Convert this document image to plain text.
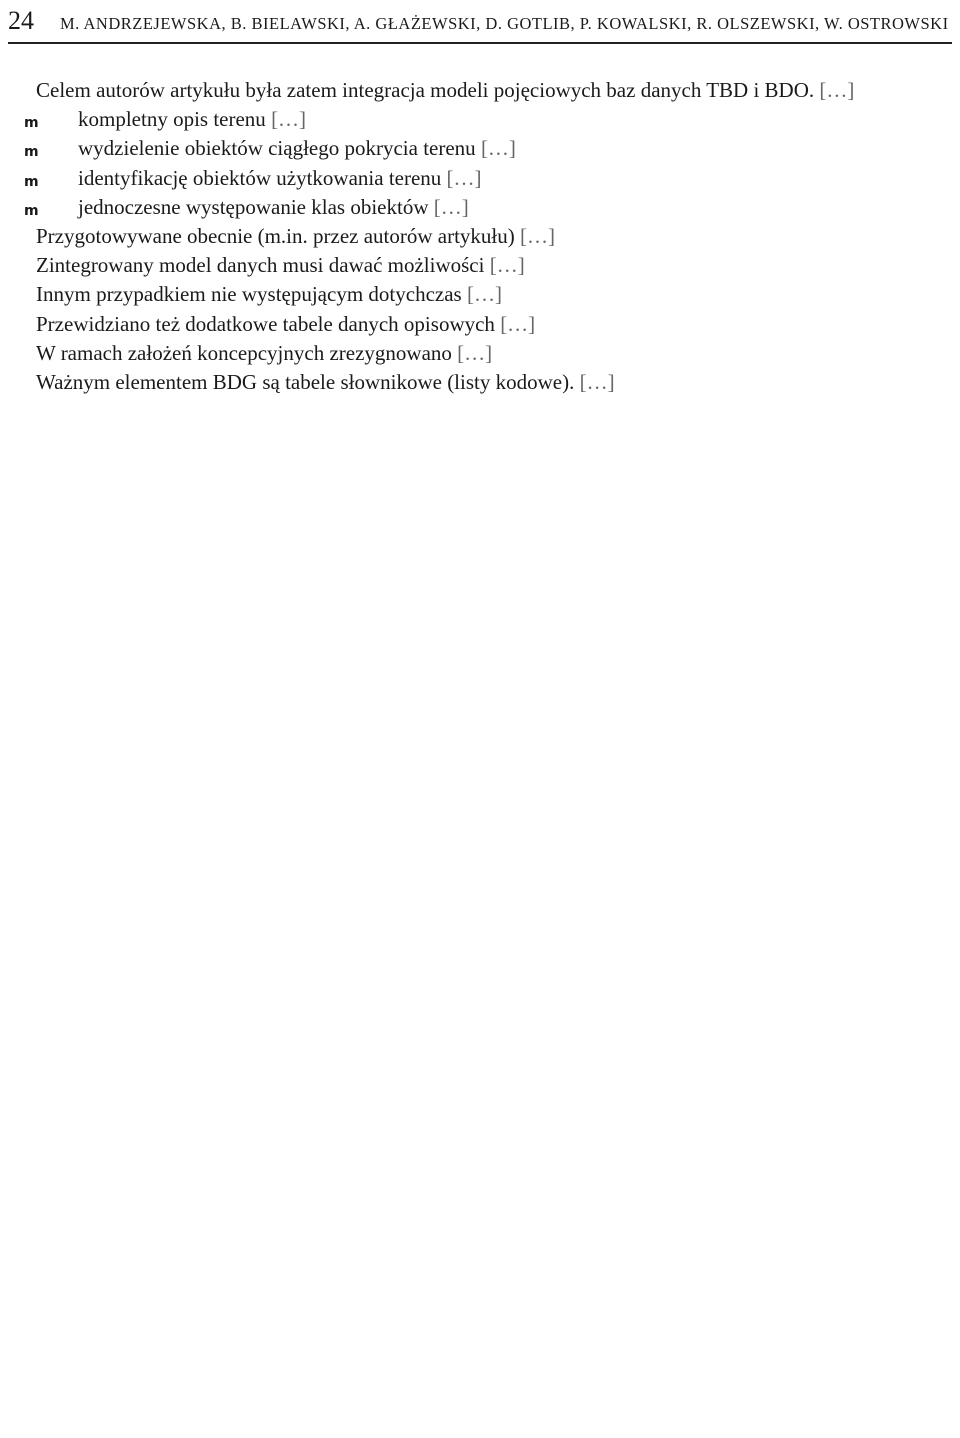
24 M. ANDRZEJEWSKA, B. BIELAWSKI, A. GŁAŻEWSKI, D. GOTLIB, P. KOWALSKI, R. OLSZEWSKI, W. OSTROWSKI

Celem autorów artykułu była zatem integracja modeli pojęciowych baz danych TBD i BDO. […]

m kompletny opis terenu […]
m wydzielenie obiektów ciągłego pokrycia terenu […]
m identyfikację obiektów użytkowania terenu […]
m jednoczesne występowanie klas obiektów […]

Przygotowywane obecnie (m.in. przez autorów artykułu) […]

Zintegrowany model danych musi dawać możliwości […]

Innym przypadkiem nie występującym dotychczas […]

Przewidziano też dodatkowe tabele danych opisowych […]

W ramach założeń koncepcyjnych zrezygnowano […]

Ważnym elementem BDG są tabele słownikowe (listy kodowe). […]
